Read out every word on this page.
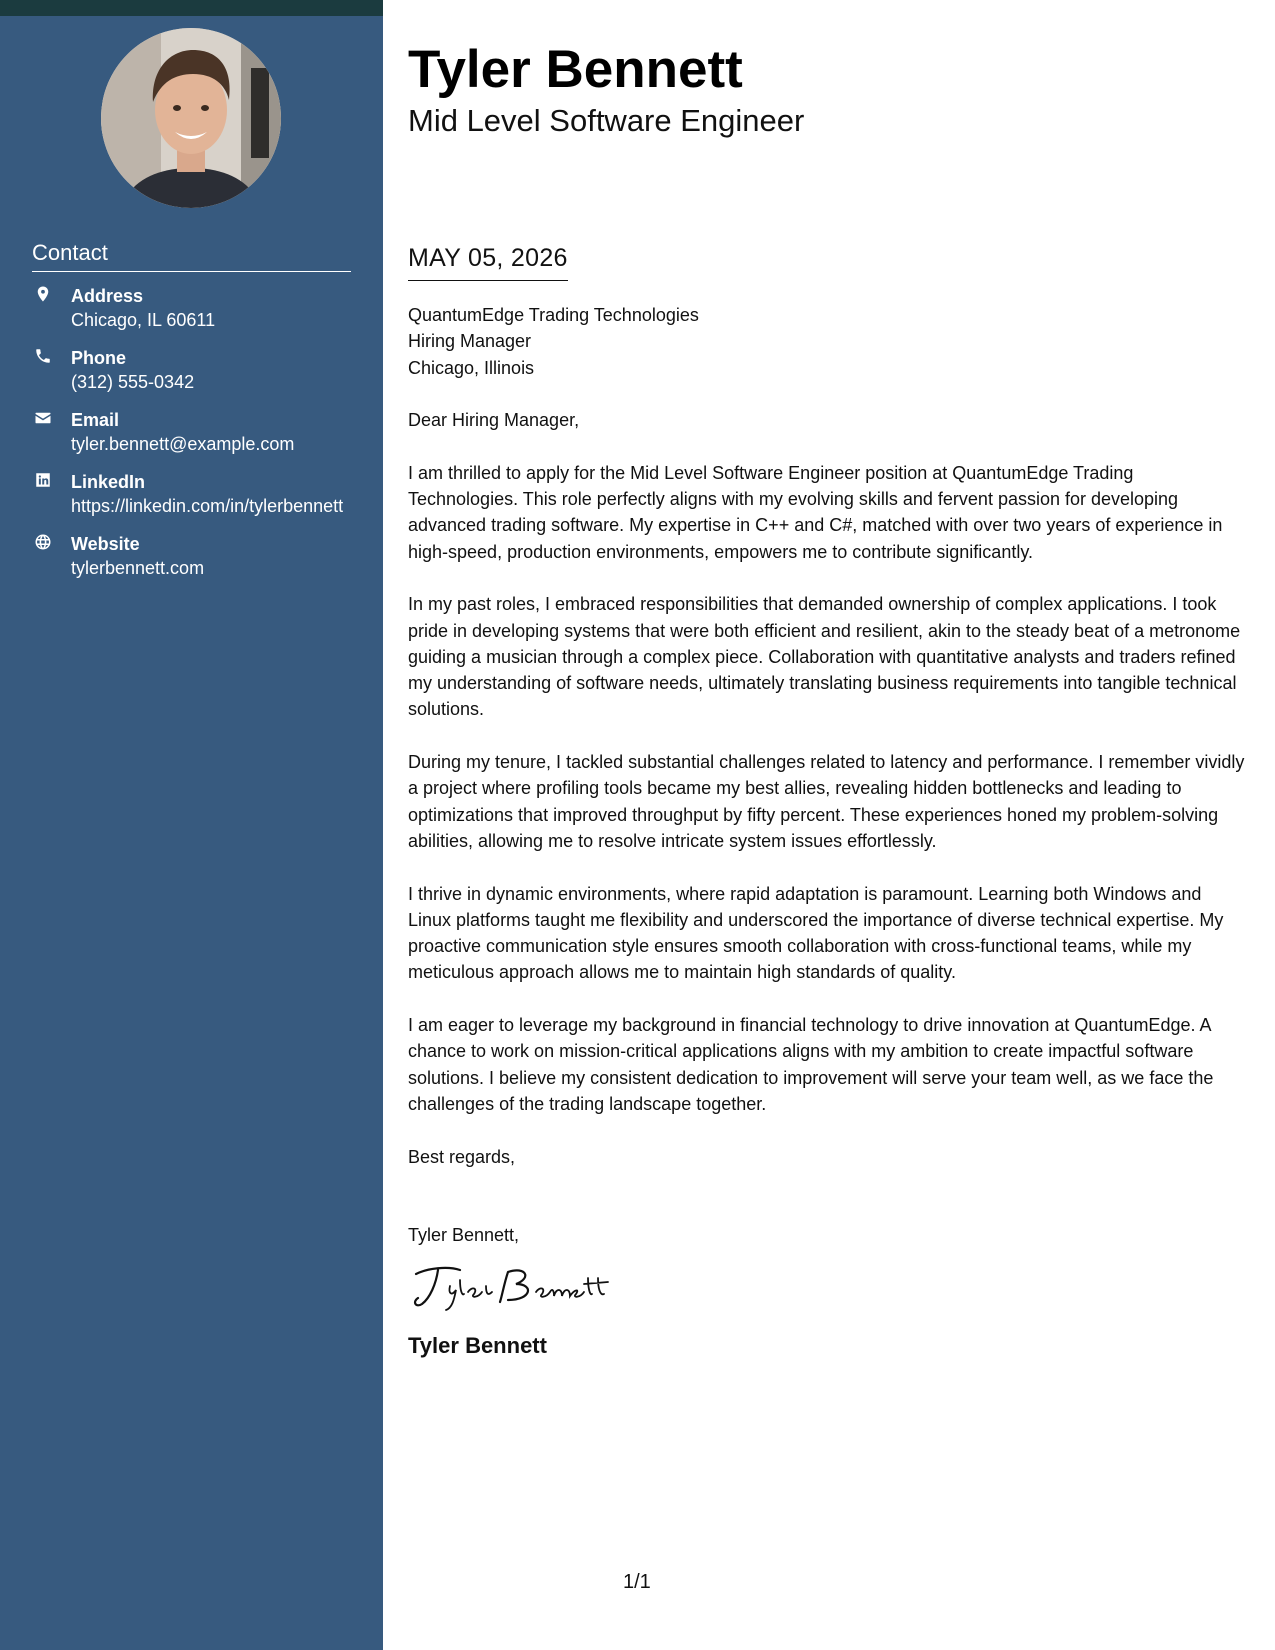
Contact
Address
Chicago, IL 60611
Phone
(312) 555-0342
Email
tyler.bennett@example.com
LinkedIn
https://linkedin.com/in/tylerbennett
Website
tylerbennett.com
Tyler Bennett
Mid Level Software Engineer
MAY 05, 2026

QuantumEdge Trading Technologies
Hiring Manager
Chicago, Illinois

Dear Hiring Manager,

I am thrilled to apply for the Mid Level Software Engineer position at QuantumEdge Trading Technologies. This role perfectly aligns with my evolving skills and fervent passion for developing advanced trading software. My expertise in C++ and C#, matched with over two years of experience in high-speed, production environments, empowers me to contribute significantly.

In my past roles, I embraced responsibilities that demanded ownership of complex applications. I took pride in developing systems that were both efficient and resilient, akin to the steady beat of a metronome guiding a musician through a complex piece. Collaboration with quantitative analysts and traders refined my understanding of software needs, ultimately translating business requirements into tangible technical solutions.

During my tenure, I tackled substantial challenges related to latency and performance. I remember vividly a project where profiling tools became my best allies, revealing hidden bottlenecks and leading to optimizations that improved throughput by fifty percent. These experiences honed my problem-solving abilities, allowing me to resolve intricate system issues effortlessly.

I thrive in dynamic environments, where rapid adaptation is paramount. Learning both Windows and Linux platforms taught me flexibility and underscored the importance of diverse technical expertise. My proactive communication style ensures smooth collaboration with cross-functional teams, while my meticulous approach allows me to maintain high standards of quality.

I am eager to leverage my background in financial technology to drive innovation at QuantumEdge. A chance to work on mission-critical applications aligns with my ambition to create impactful software solutions. I believe my consistent dedication to improvement will serve your team well, as we face the challenges of the trading landscape together.

Best regards,

Tyler Bennett,
Tyler Bennett
1/1
